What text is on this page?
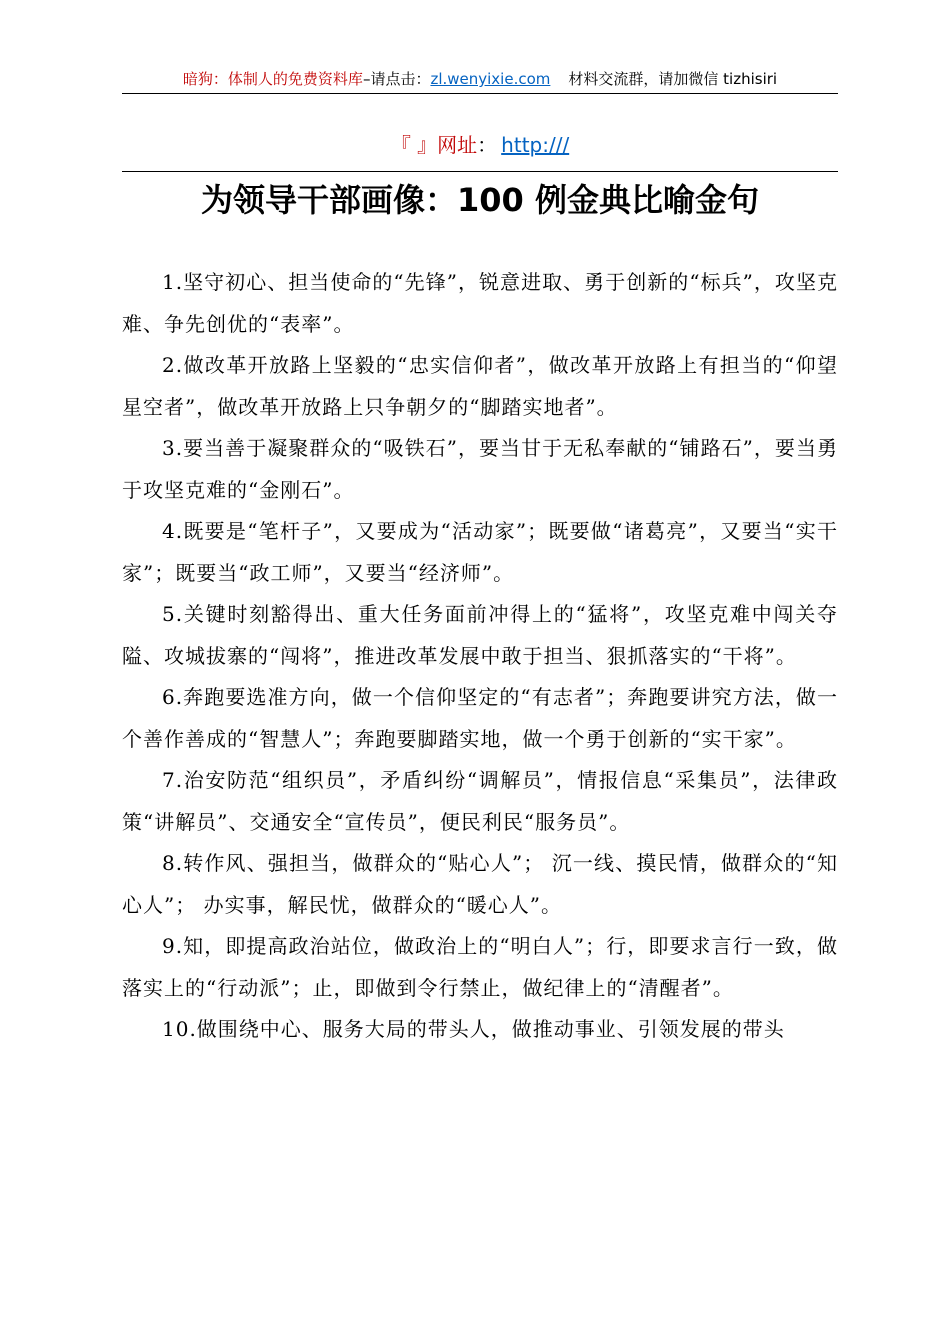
暗狗：体制人的免费资料库–请点击：zl.wenyixie.com 材料交流群，请加微信 tizhisiri
『 』网址： http:///
为领导干部画像：100 例金典比喻金句

1.坚守初心、担当使命的“先锋”，锐意进取、勇于创新的“标兵”，攻坚克难、争先创优的“表率”。

2.做改革开放路上坚毅的“忠实信仰者”，做改革开放路上有担当的“仰望星空者”，做改革开放路上只争朝夕的“脚踏实地者”。

3.要当善于凝聚群众的“吸铁石”，要当甘于无私奉献的“铺路石”，要当勇于攻坚克难的“金刚石”。

4.既要是“笔杆子”，又要成为“活动家”；既要做“诸葛亮”，又要当“实干家”；既要当“政工师”，又要当“经济师”。

5.关键时刻豁得出、重大任务面前冲得上的“猛将”，攻坚克难中闯关夺隘、攻城拔寨的“闯将”，推进改革发展中敢于担当、狠抓落实的“干将”。

6.奔跑要选准方向，做一个信仰坚定的“有志者”；奔跑要讲究方法，做一个善作善成的“智慧人”；奔跑要脚踏实地，做一个勇于创新的“实干家”。

7.治安防范“组织员”，矛盾纠纷“调解员”，情报信息“采集员”，法律政策“讲解员”、交通安全“宣传员”，便民利民“服务员”。

8.转作风、强担当，做群众的“贴心人”； 沉一线、摸民情，做群众的“知心人”； 办实事，解民忧，做群众的“暖心人”。

9.知，即提高政治站位，做政治上的“明白人”；行，即要求言行一致，做落实上的“行动派”；止，即做到令行禁止，做纪律上的“清醒者”。

10.做围绕中心、服务大局的带头人，做推动事业、引领发展的带头
